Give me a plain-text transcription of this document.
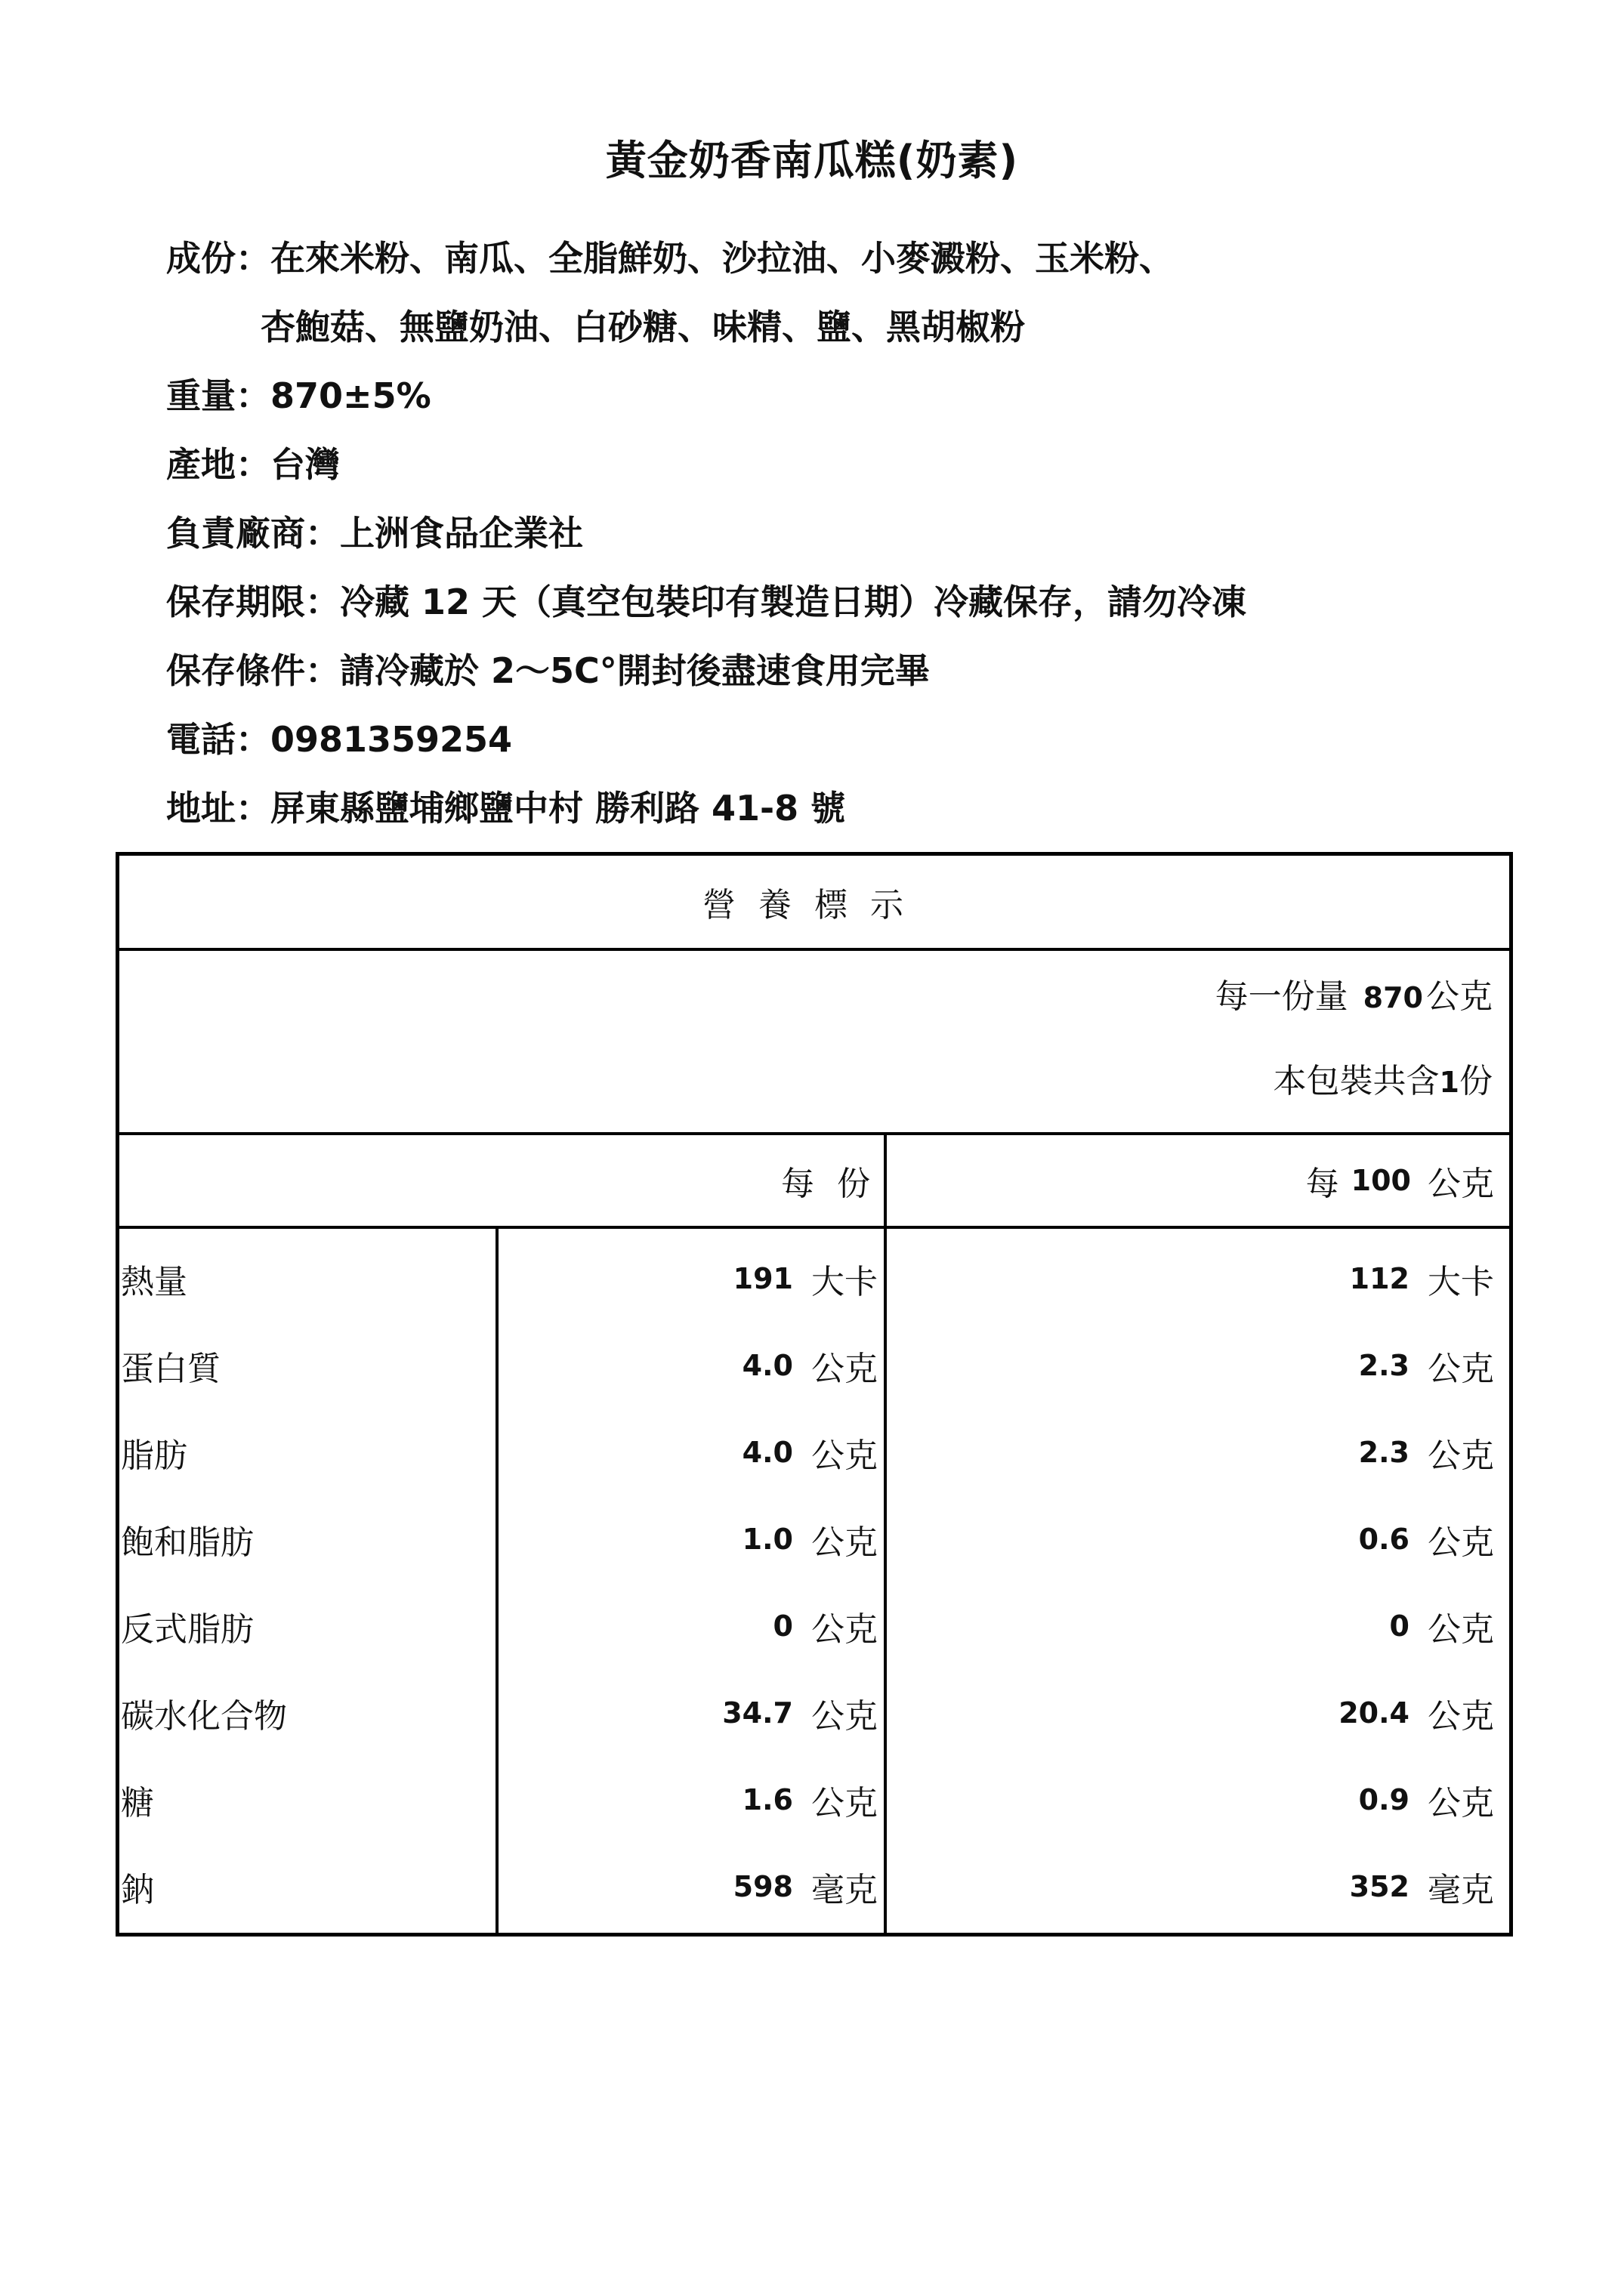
黃金奶香南瓜糕(奶素)
成份：在來米粉、南瓜、全脂鮮奶、沙拉油、小麥澱粉、玉米粉、
杏鮑菇、無鹽奶油、白砂糖、味精、鹽、黑胡椒粉
重量：870±5%
產地：台灣
負責廠商：上洲食品企業社
保存期限：冷藏 12 天（真空包裝印有製造日期）冷藏保存，請勿冷凍
保存條件：請冷藏於 2～5C°開封後盡速食用完畢
電話：0981359254
地址：屏東縣鹽埔鄉鹽中村 勝利路 41-8 號
營養標示
每一份量 870公克
本包裝共含1份
每 份	每 100 公克
熱量	191 大卡	112 大卡
蛋白質	4.0 公克	2.3 公克
脂肪	4.0 公克	2.3 公克
飽和脂肪	1.0 公克	0.6 公克
反式脂肪	0 公克	0 公克
碳水化合物	34.7 公克	20.4 公克
糖	1.6 公克	0.9 公克
鈉	598 毫克	352 毫克
